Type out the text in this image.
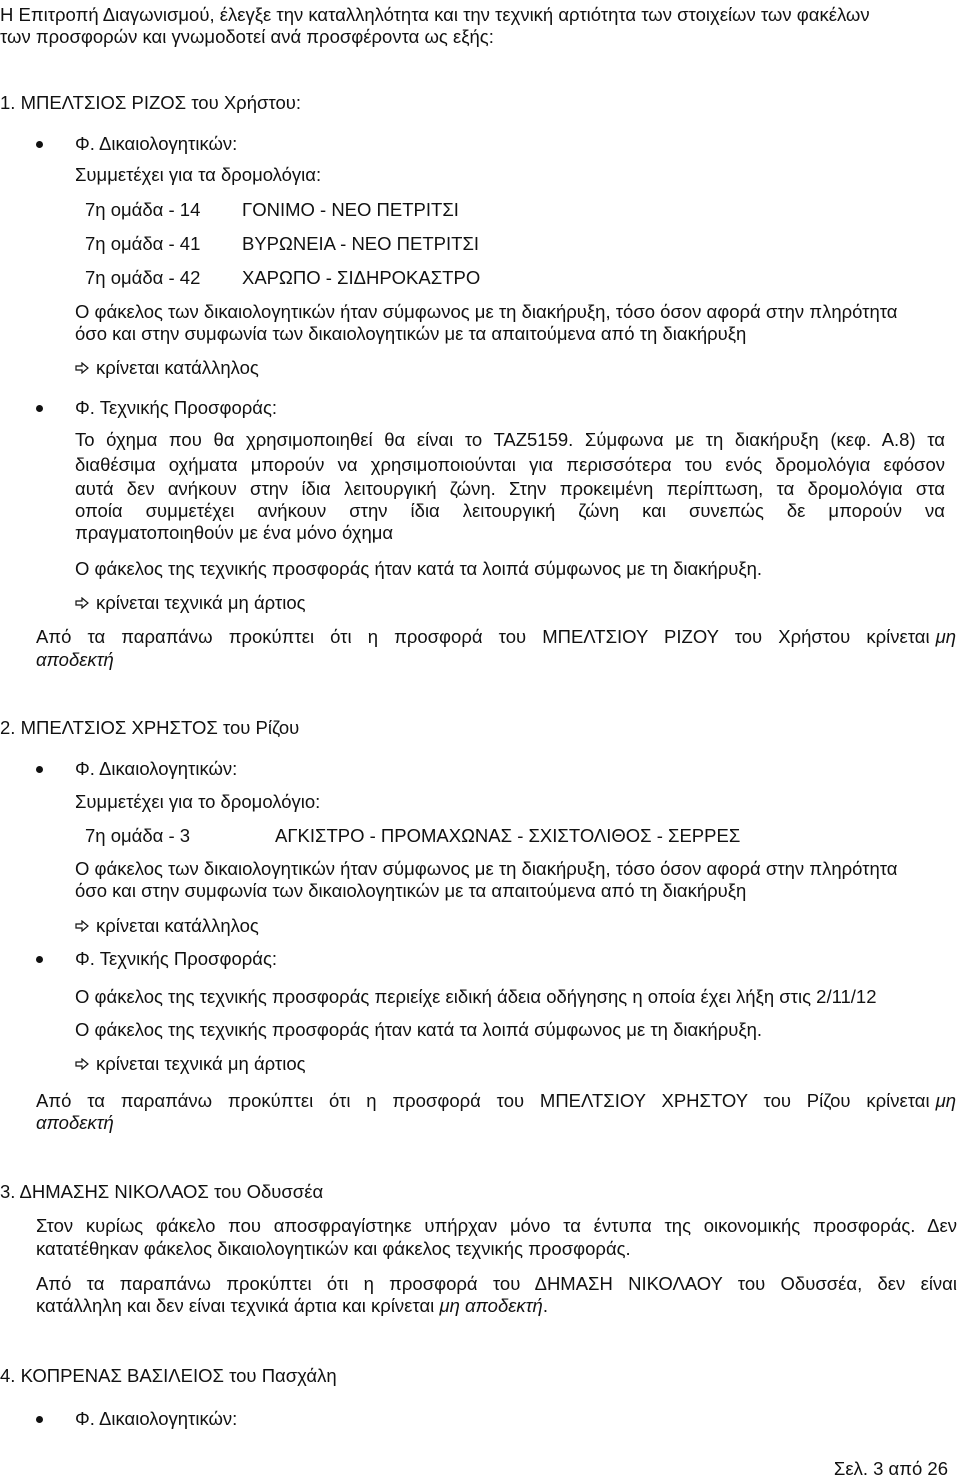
Η Επιτροπή Διαγωνισμού, έλεγξε την καταλληλότητα και την τεχνική αρτιότητα των στοιχείων των φακέλων
των προσφορών και γνωμοδοτεί ανά προσφέροντα ως εξής:
1. ΜΠΕΛΤΣΙΟΣ ΡΙΖΟΣ του Χρήστου:
Φ. Δικαιολογητικών:
Συμμετέχει για τα δρομολόγια:
7η ομάδα - 14 ΓΟΝΙΜΟ - ΝΕΟ ΠΕΤΡΙΤΣΙ
7η ομάδα - 41 ΒΥΡΩΝΕΙΑ - ΝΕΟ ΠΕΤΡΙΤΣΙ
7η ομάδα - 42 ΧΑΡΩΠΟ - ΣΙΔΗΡΟΚΑΣΤΡΟ
Ο φάκελος των δικαιολογητικών ήταν σύμφωνος με τη διακήρυξη, τόσο όσον αφορά στην πληρότητα
όσο και στην συμφωνία των δικαιολογητικών με τα απαιτούμενα από τη διακήρυξη
κρίνεται κατάλληλος
Φ. Τεχνικής Προσφοράς:
Το όχημα που θα χρησιμοποιηθεί θα είναι το ΤΑΖ5159. Σύμφωνα με τη διακήρυξη (κεφ. Α.8) τα
διαθέσιμα οχήματα μπορούν να χρησιμοποιούνται για περισσότερα του ενός δρομολόγια εφόσον
αυτά δεν ανήκουν στην ίδια λειτουργική ζώνη. Στην προκειμένη περίπτωση, τα δρομολόγια στα
οποία συμμετέχει ανήκουν στην ίδια λειτουργική ζώνη και συνεπώς δε μπορούν να
πραγματοποιηθούν με ένα μόνο όχημα
Ο φάκελος της τεχνικής προσφοράς ήταν κατά τα λοιπά σύμφωνος με τη διακήρυξη.
κρίνεται τεχνικά μη άρτιος
Από τα παραπάνω προκύπτει ότι η προσφορά του ΜΠΕΛΤΣΙΟΥ ΡΙΖΟΥ του Χρήστου κρίνεται μη
αποδεκτή
2. ΜΠΕΛΤΣΙΟΣ ΧΡΗΣΤΟΣ του Ρίζου
Φ. Δικαιολογητικών:
Συμμετέχει για το δρομολόγιο:
7η ομάδα - 3	ΑΓΚΙΣΤΡΟ - ΠΡΟΜΑΧΩΝΑΣ - ΣΧΙΣΤΟΛΙΘΟΣ - ΣΕΡΡΕΣ
Ο φάκελος των δικαιολογητικών ήταν σύμφωνος με τη διακήρυξη, τόσο όσον αφορά στην πληρότητα
όσο και στην συμφωνία των δικαιολογητικών με τα απαιτούμενα από τη διακήρυξη
κρίνεται κατάλληλος
Φ. Τεχνικής Προσφοράς:
Ο φάκελος της τεχνικής προσφοράς περιείχε ειδική άδεια οδήγησης η οποία έχει λήξη στις 2/11/12
Ο φάκελος της τεχνικής προσφοράς ήταν κατά τα λοιπά σύμφωνος με τη διακήρυξη.
κρίνεται τεχνικά μη άρτιος
Από τα παραπάνω προκύπτει ότι η προσφορά του ΜΠΕΛΤΣΙΟΥ ΧΡΗΣΤΟΥ του Ρίζου κρίνεται μη
αποδεκτή
3. ΔΗΜΑΣΗΣ ΝΙΚΟΛΑΟΣ του Οδυσσέα
Στον κυρίως φάκελο που αποσφραγίστηκε υπήρχαν μόνο τα έντυπα της οικονομικής προσφοράς. Δεν
κατατέθηκαν φάκελος δικαιολογητικών και φάκελος τεχνικής προσφοράς.
Από τα παραπάνω προκύπτει ότι η προσφορά του ΔΗΜΑΣΗ ΝΙΚΟΛΑΟΥ του Οδυσσέα, δεν είναι
κατάλληλη και δεν είναι τεχνικά άρτια και κρίνεται μη αποδεκτή.
4. ΚΟΠΡΕΝΑΣ ΒΑΣΙΛΕΙΟΣ του Πασχάλη
Φ. Δικαιολογητικών:
Σελ. 3 από 26
